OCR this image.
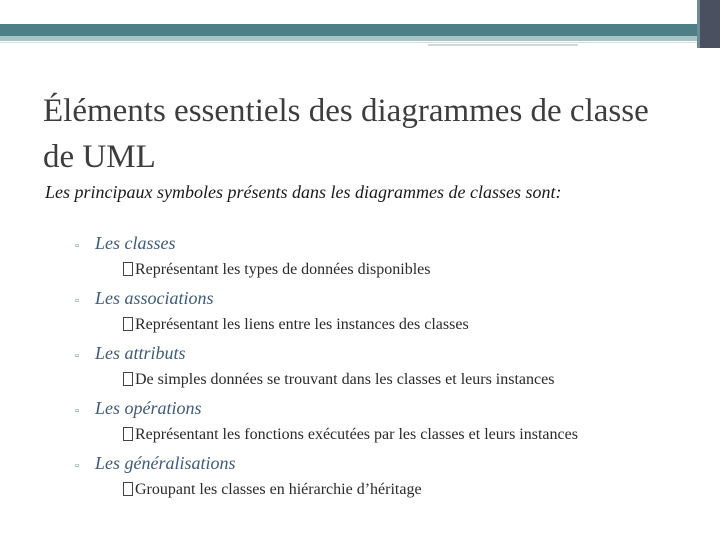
Éléments essentiels des diagrammes de classe de UML
Les principaux symboles présents dans les diagrammes de classes sont:
▫ Les classes
Représentant les types de données disponibles
▫ Les associations
Représentant les liens entre les instances des classes
▫ Les attributs
De simples données se trouvant dans les classes et leurs instances
▫ Les opérations
Représentant les fonctions exécutées par les classes et leurs instances
▫ Les généralisations
Groupant les classes en hiérarchie d’héritage
